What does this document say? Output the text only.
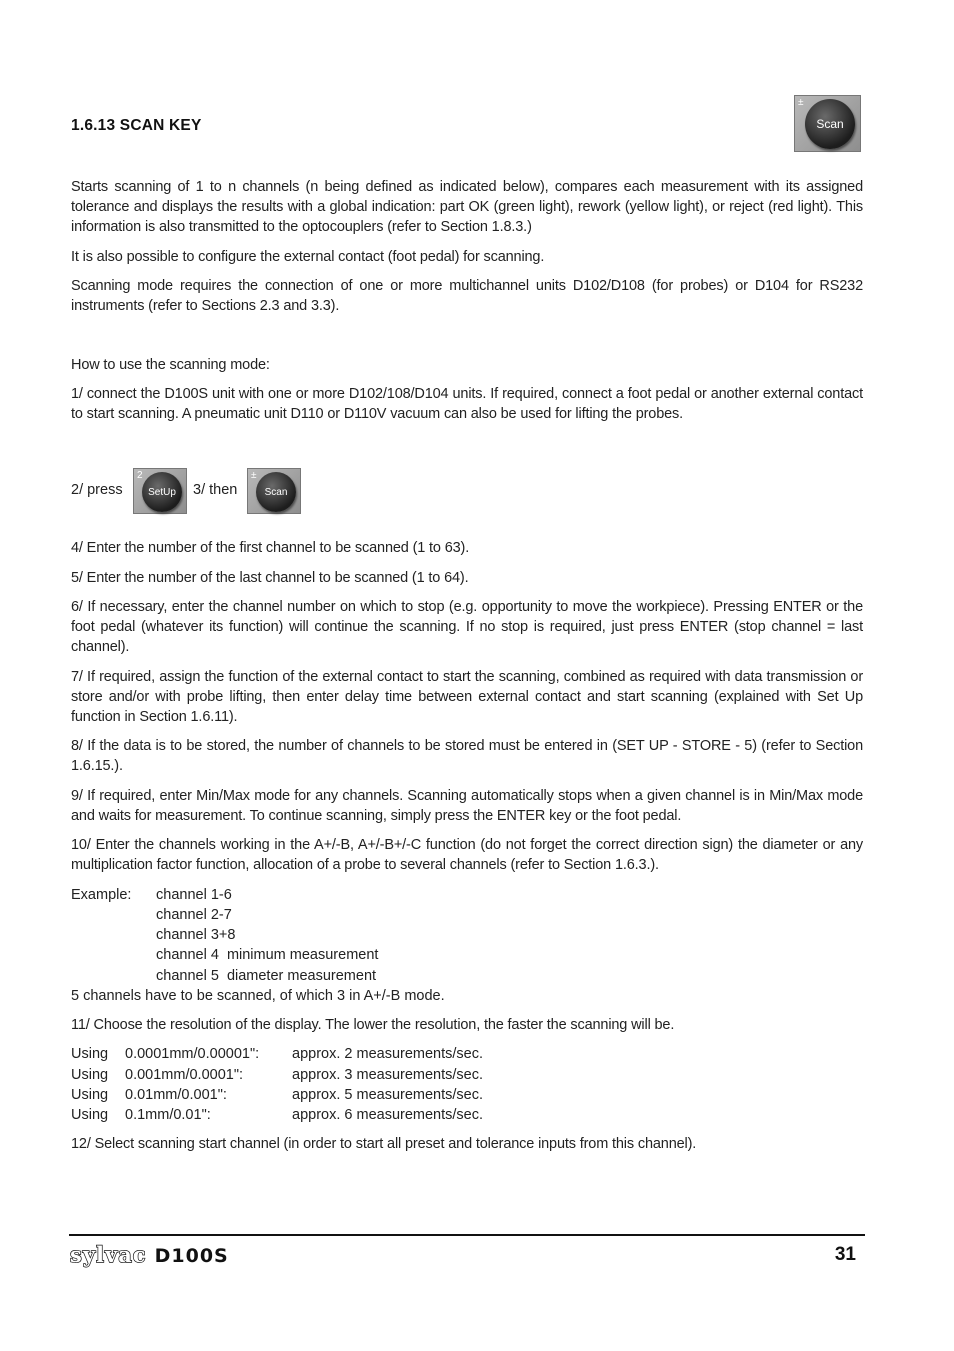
1.6.13 SCAN KEY
±
Scan
Starts scanning of 1 to n channels (n being defined as indicated below), compares each measurement with its assigned tolerance and displays the results with a global indication: part OK (green light), rework (yellow light), or reject (red light). This information is also transmitted to the optocouplers (refer to Section 1.8.3.)
It is also possible to configure the external contact (foot pedal) for scanning.
Scanning mode requires the connection of one or more multichannel units D102/D108 (for probes) or D104 for RS232 instruments (refer to Sections 2.3 and 3.3).
How to use the scanning mode:
1/ connect the D100S unit with one or more D102/108/D104 units. If required, connect a foot pedal or another external contact to start scanning. A pneumatic unit D110 or D110V vacuum can also be used for lifting the probes.
2/ press
2
SetUp 3/ then
±
Scan
4/ Enter the number of the first channel to be scanned (1 to 63).
5/ Enter the number of the last channel to be scanned (1 to 64).
6/ If necessary, enter the channel number on which to stop (e.g. opportunity to move the workpiece). Pressing ENTER or the foot pedal (whatever its function) will continue the scanning. If no stop is required, just press ENTER (stop channel = last channel).
7/ If required, assign the function of the external contact to start the scanning, combined as required with data transmission or store and/or with probe lifting, then enter delay time between external contact and start scanning (explained with Set Up function in Section 1.6.11).
8/ If the data is to be stored, the number of channels to be stored must be entered in (SET UP - STORE - 5) (refer to Section 1.6.15.).
9/ If required, enter Min/Max mode for any channels. Scanning automatically stops when a given channel is in Min/Max mode and waits for measurement. To continue scanning, simply press the ENTER key or the foot pedal.
10/ Enter the channels working in the A+/-B, A+/-B+/-C function (do not forget the correct direction sign) the diameter or any multiplication factor function, allocation of a probe to several channels (refer to Section 1.6.3.).
Example: channel 1-6
channel 2-7
channel 3+8
channel 4  minimum measurement
channel 5  diameter measurement
5 channels have to be scanned, of which 3 in A+/-B mode.
11/ Choose the resolution of the display. The lower the resolution, the faster the scanning will be.
Using 0.0001mm/0.00001": approx. 2 measurements/sec.
Using 0.001mm/0.0001":	approx. 3 measurements/sec.
Using 0.01mm/0.001":	approx. 5 measurements/sec.
Using 0.1mm/0.01":	approx. 6 measurements/sec.
12/ Select scanning start channel (in order to start all preset and tolerance inputs from this channel).
sylvac D100S	31
